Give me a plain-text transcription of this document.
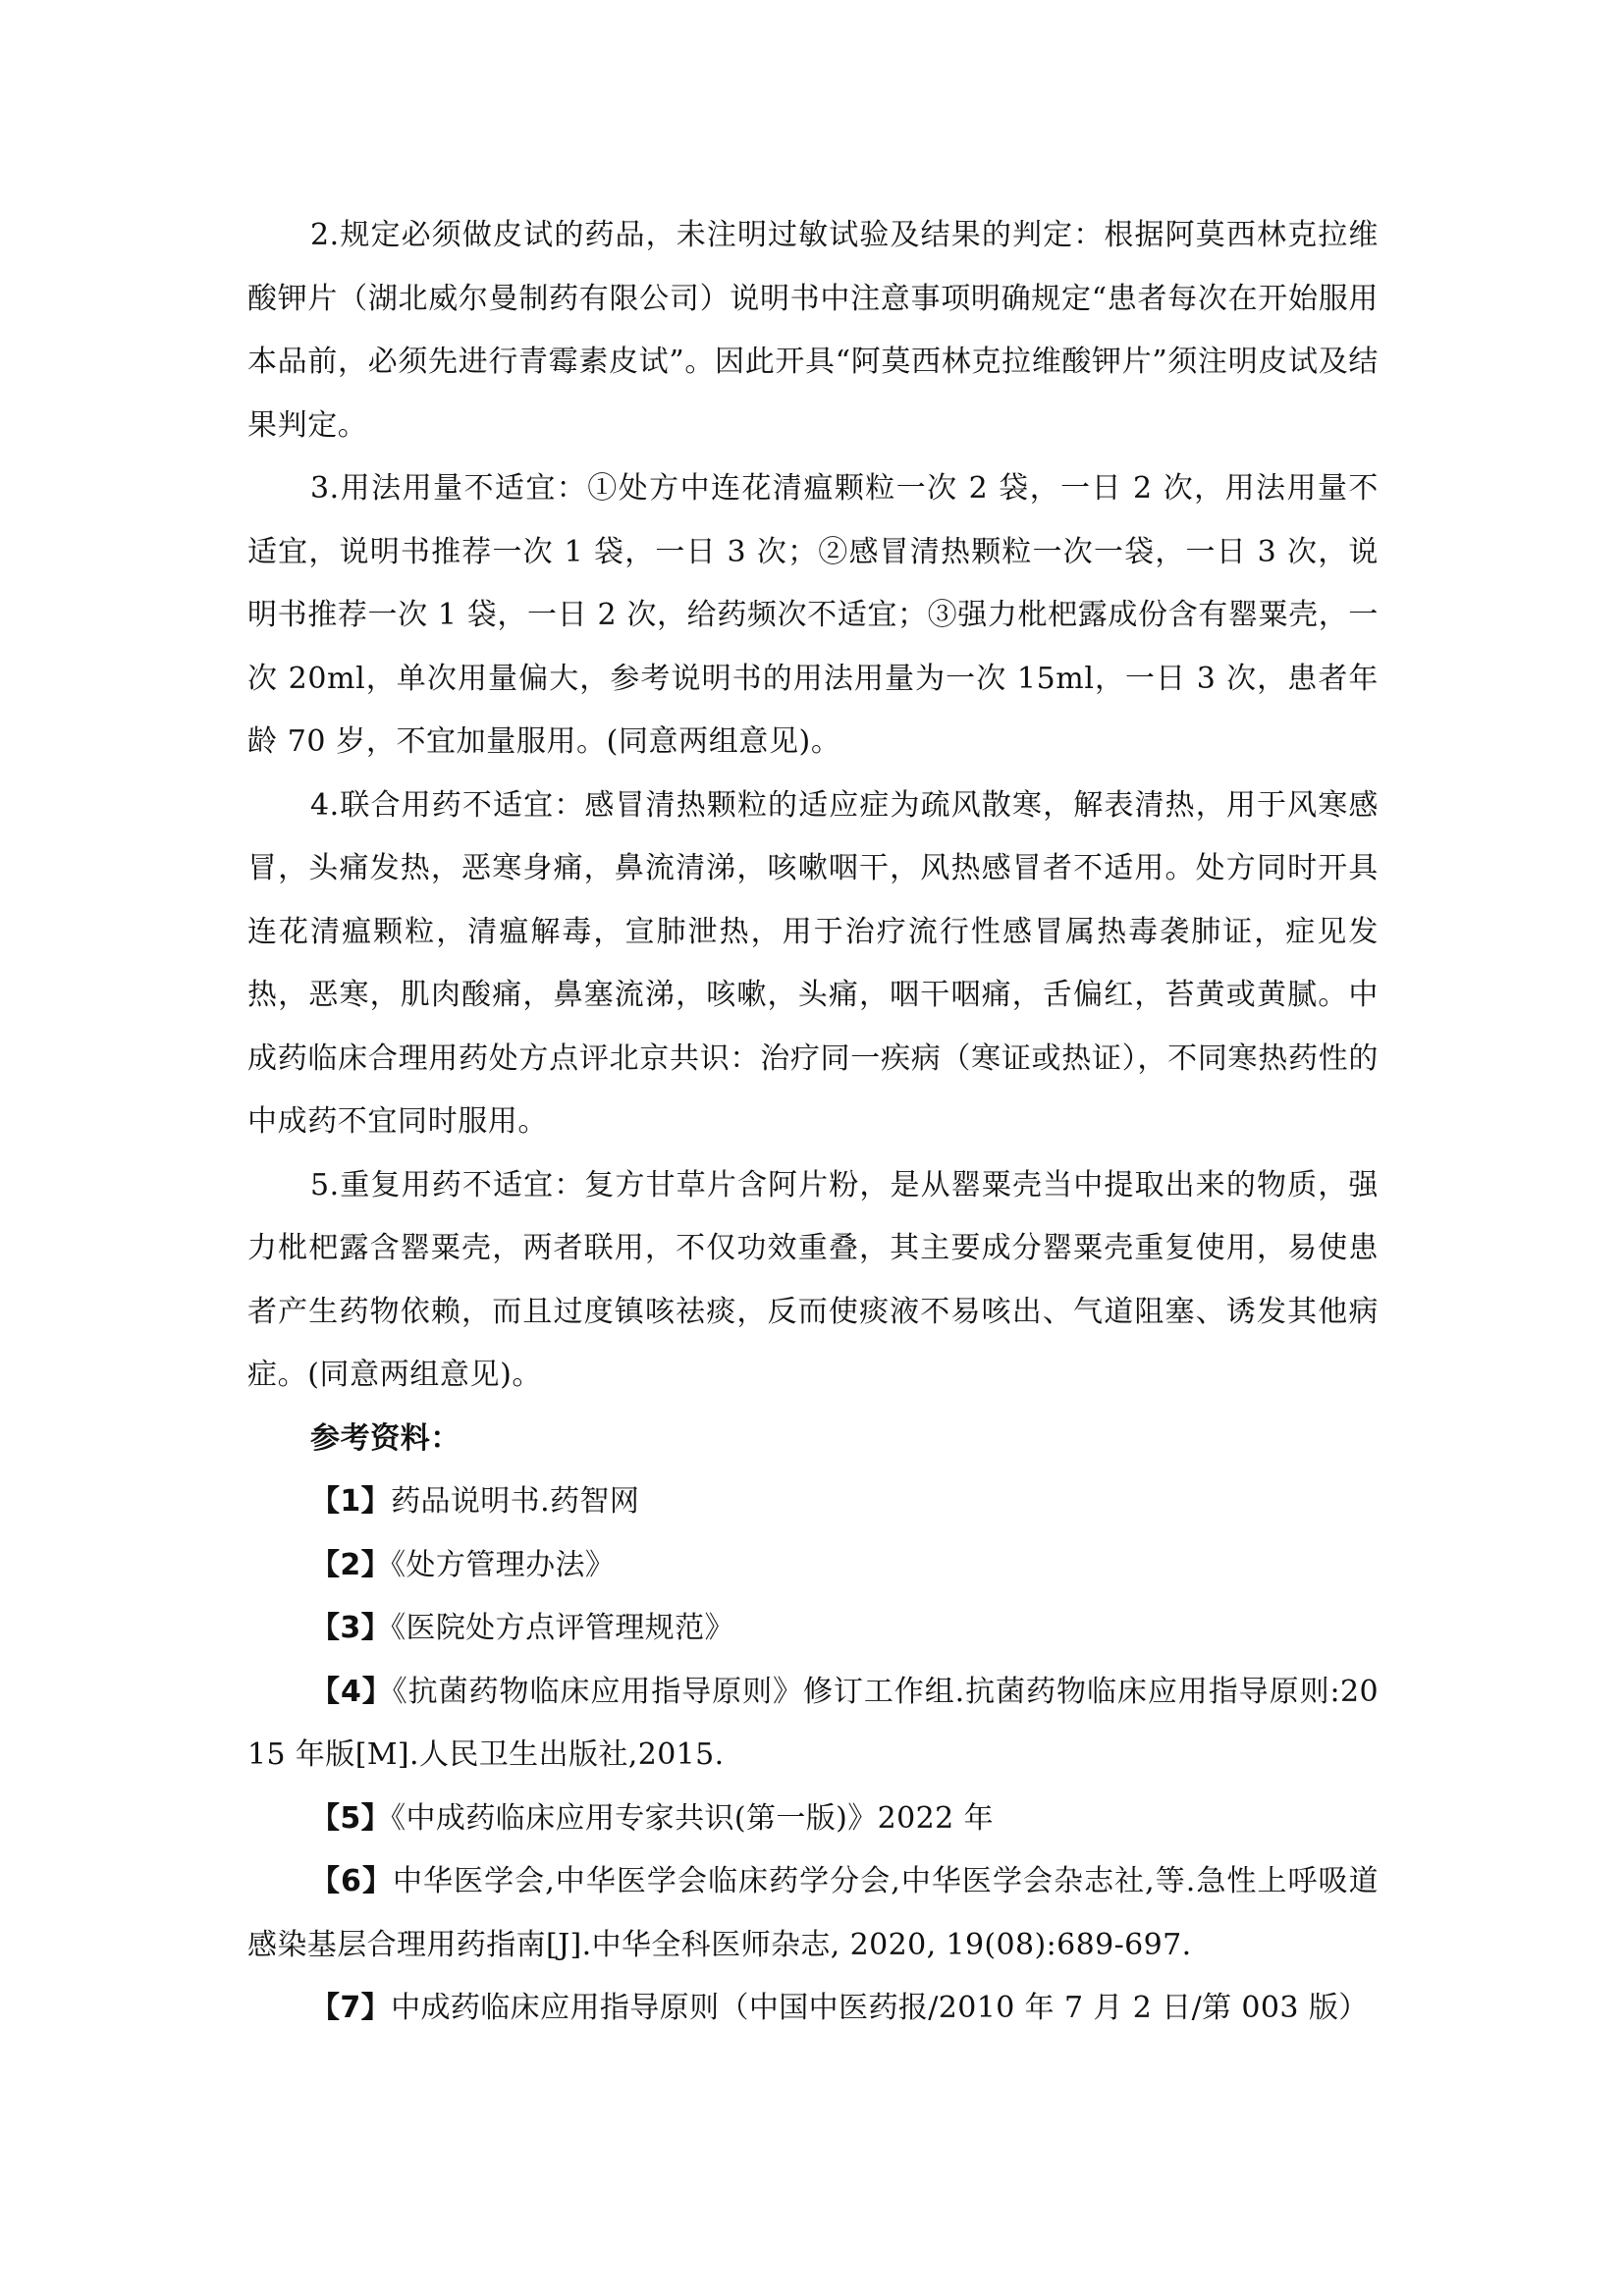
2.规定必须做皮试的药品，未注明过敏试验及结果的判定：根据阿莫西林克拉维酸钾片（湖北威尔曼制药有限公司）说明书中注意事项明确规定“患者每次在开始服用本品前，必须先进行青霉素皮试”。因此开具“阿莫西林克拉维酸钾片”须注明皮试及结果判定。

3.用法用量不适宜：①处方中连花清瘟颗粒一次 2 袋，一日 2 次，用法用量不适宜，说明书推荐一次 1 袋，一日 3 次；②感冒清热颗粒一次一袋，一日 3 次，说明书推荐一次 1 袋，一日 2 次，给药频次不适宜；③强力枇杷露成份含有罂粟壳，一次 20ml，单次用量偏大，参考说明书的用法用量为一次 15ml，一日 3 次，患者年龄 70 岁，不宜加量服用。(同意两组意见)。

4.联合用药不适宜：感冒清热颗粒的适应症为疏风散寒，解表清热，用于风寒感冒，头痛发热，恶寒身痛，鼻流清涕，咳嗽咽干，风热感冒者不适用。处方同时开具连花清瘟颗粒，清瘟解毒，宣肺泄热，用于治疗流行性感冒属热毒袭肺证，症见发热，恶寒，肌肉酸痛，鼻塞流涕，咳嗽，头痛，咽干咽痛，舌偏红，苔黄或黄腻。中成药临床合理用药处方点评北京共识：治疗同一疾病（寒证或热证），不同寒热药性的中成药不宜同时服用。

5.重复用药不适宜：复方甘草片含阿片粉，是从罂粟壳当中提取出来的物质，强力枇杷露含罂粟壳，两者联用，不仅功效重叠，其主要成分罂粟壳重复使用，易使患者产生药物依赖，而且过度镇咳祛痰，反而使痰液不易咳出、气道阻塞、诱发其他病症。(同意两组意见)。

参考资料：

【1】药品说明书.药智网

【2】《处方管理办法》

【3】《医院处方点评管理规范》

【4】《抗菌药物临床应用指导原则》修订工作组.抗菌药物临床应用指导原则:2015 年版[M].人民卫生出版社,2015.

【5】《中成药临床应用专家共识(第一版)》2022 年

【6】中华医学会,中华医学会临床药学分会,中华医学会杂志社,等.急性上呼吸道感染基层合理用药指南[J].中华全科医师杂志, 2020, 19(08):689-697.

【7】中成药临床应用指导原则（中国中医药报/2010 年 7 月 2 日/第 003 版）
